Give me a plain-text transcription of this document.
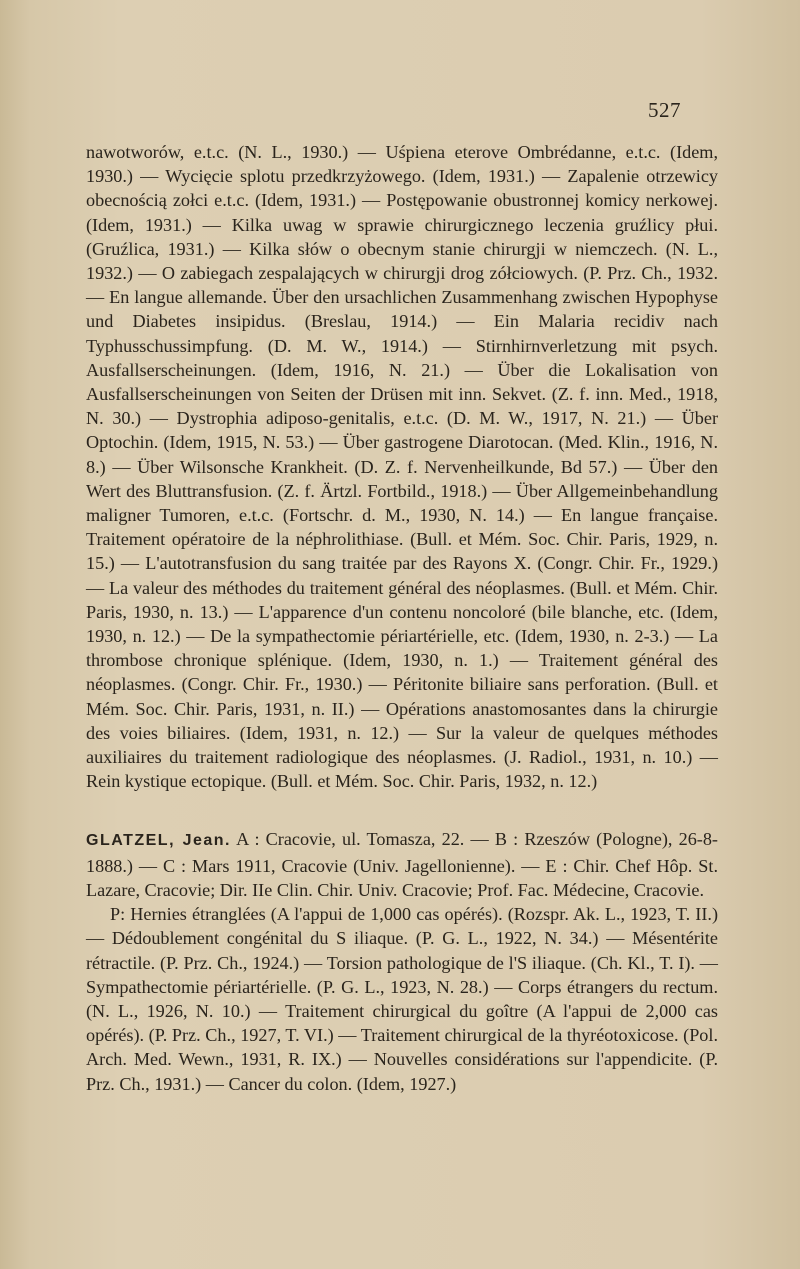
527

nawotworów, e.t.c. (N. L., 1930.) — Uśpiena eterove Ombrédanne, e.t.c. (Idem, 1930.) — Wycięcie splotu przedkrzyżowego. (Idem, 1931.) — Zapalenie otrzewicy obecnością zołci e.t.c. (Idem, 1931.) — Postępowanie obustronnej komicy nerkowej. (Idem, 1931.) — Kilka uwag w sprawie chirurgicznego leczenia gruźlicy płui. (Gruźlica, 1931.) — Kilka słów o obecnym stanie chirurgji w niemczech. (N. L., 1932.) — O zabiegach zespalających w chirurgji drog zółciowych. (P. Prz. Ch., 1932. — En langue allemande. Über den ursachlichen Zusammenhang zwischen Hypophyse und Diabetes insipidus. (Breslau, 1914.) — Ein Malaria recidiv nach Typhusschussimpfung. (D. M. W., 1914.) — Stirnhirnverletzung mit psych. Ausfallserscheinungen. (Idem, 1916, N. 21.) — Über die Lokalisation von Ausfallserscheinungen von Seiten der Drüsen mit inn. Sekvet. (Z. f. inn. Med., 1918, N. 30.) — Dystrophia adiposo-genitalis, e.t.c. (D. M. W., 1917, N. 21.) — Über Optochin. (Idem, 1915, N. 53.) — Über gastrogene Diarotocan. (Med. Klin., 1916, N. 8.) — Über Wilsonsche Krankheit. (D. Z. f. Nervenheilkunde, Bd 57.) — Über den Wert des Bluttransfusion. (Z. f. Ärtzl. Fortbild., 1918.) — Über Allgemeinbehandlung maligner Tumoren, e.t.c. (Fortschr. d. M., 1930, N. 14.) — En langue française. Traitement opératoire de la néphrolithiase. (Bull. et Mém. Soc. Chir. Paris, 1929, n. 15.) — L'autotransfusion du sang traitée par des Rayons X. (Congr. Chir. Fr., 1929.) — La valeur des méthodes du traitement général des néoplasmes. (Bull. et Mém. Chir. Paris, 1930, n. 13.) — L'apparence d'un contenu noncoloré (bile blanche, etc. (Idem, 1930, n. 12.) — De la sympathectomie périartérielle, etc. (Idem, 1930, n. 2-3.) — La thrombose chronique splénique. (Idem, 1930, n. 1.) — Traitement général des néoplasmes. (Congr. Chir. Fr., 1930.) — Péritonite biliaire sans perforation. (Bull. et Mém. Soc. Chir. Paris, 1931, n. II.) — Opérations anastomosantes dans la chirurgie des voies biliaires. (Idem, 1931, n. 12.) — Sur la valeur de quelques méthodes auxiliaires du traitement radiologique des néoplasmes. (J. Radiol., 1931, n. 10.) — Rein kystique ectopique. (Bull. et Mém. Soc. Chir. Paris, 1932, n. 12.)

GLATZEL, Jean. A : Cracovie, ul. Tomasza, 22. — B : Rzeszów (Pologne), 26-8-1888.) — C : Mars 1911, Cracovie (Univ. Jagellonienne). — E : Chir. Chef Hôp. St. Lazare, Cracovie; Dir. IIe Clin. Chir. Univ. Cracovie; Prof. Fac. Médecine, Cracovie.

P: Hernies étranglées (A l'appui de 1,000 cas opérés). (Rozspr. Ak. L., 1923, T. II.) — Dédoublement congénital du S iliaque. (P. G. L., 1922, N. 34.) — Mésentérite rétractile. (P. Prz. Ch., 1924.) — Torsion pathologique de l'S iliaque. (Ch. Kl., T. I). — Sympathectomie périartérielle. (P. G. L., 1923, N. 28.) — Corps étrangers du rectum. (N. L., 1926, N. 10.) — Traitement chirurgical du goître (A l'appui de 2,000 cas opérés). (P. Prz. Ch., 1927, T. VI.) — Traitement chirurgical de la thyréotoxicose. (Pol. Arch. Med. Wewn., 1931, R. IX.) — Nouvelles considérations sur l'appendicite. (P. Prz. Ch., 1931.) — Cancer du colon. (Idem, 1927.)
